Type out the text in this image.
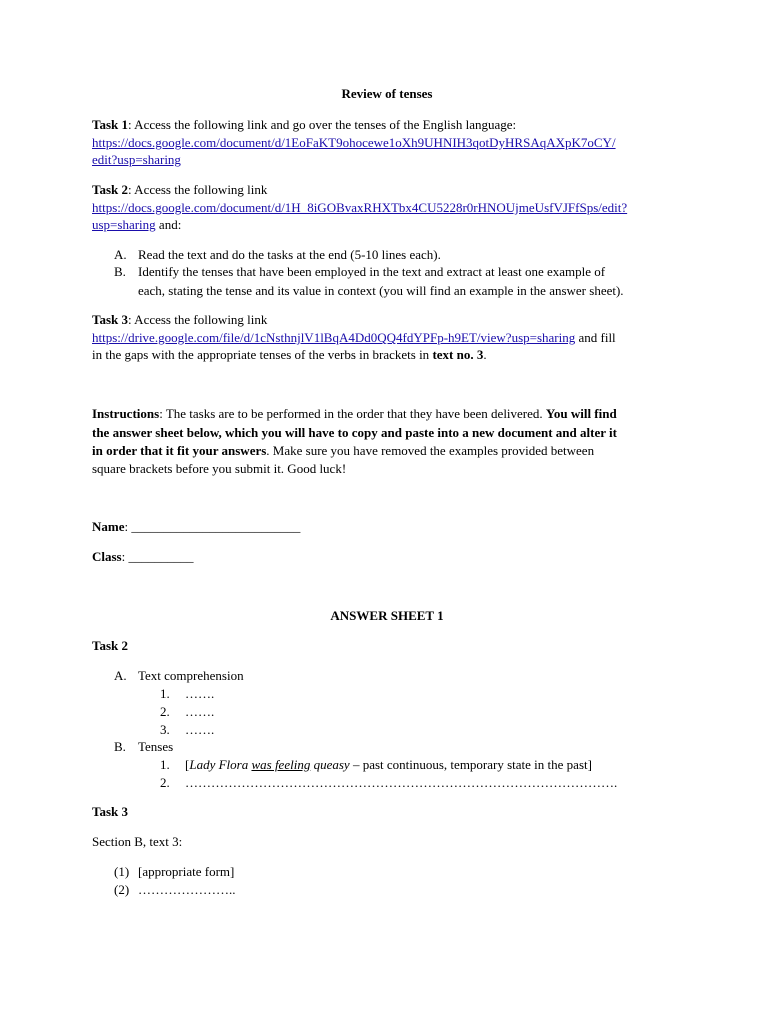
Review of tenses
Task 1: Access the following link and go over the tenses of the English language:
https://docs.google.com/document/d/1EoFaKT9ohocewe1oXh9UHNIH3qotDyHRSAqAXpK7oCY/
edit?usp=sharing
Task 2: Access the following link
https://docs.google.com/document/d/1H_8iGOBvaxRHXTbx4CU5228r0rHNOUjmeUsfVJFfSps/edit?
usp=sharing and:
A. Read the text and do the tasks at the end (5-10 lines each).
B. Identify the tenses that have been employed in the text and extract at least one example of
each, stating the tense and its value in context (you will find an example in the answer sheet).
Task 3: Access the following link
https://drive.google.com/file/d/1cNsthnjlV1lBqA4Dd0QQ4fdYPFp-h9ET/view?usp=sharing and fill
in the gaps with the appropriate tenses of the verbs in brackets in text no. 3.
Instructions: The tasks are to be performed in the order that they have been delivered. You will find
the answer sheet below, which you will have to copy and paste into a new document and alter it
in order that it fit your answers. Make sure you have removed the examples provided between
square brackets before you submit it. Good luck!
Name: __________________________
Class: __________
ANSWER SHEET 1
Task 2
A. Text comprehension
1. …….
2. …….
3. …….
B. Tenses
1. [Lady Flora was feeling queasy – past continuous, temporary state in the past]
2. ……………………………………………………………………………………….
Task 3
Section B, text 3:
(1) [appropriate form]
(2) …………………..
